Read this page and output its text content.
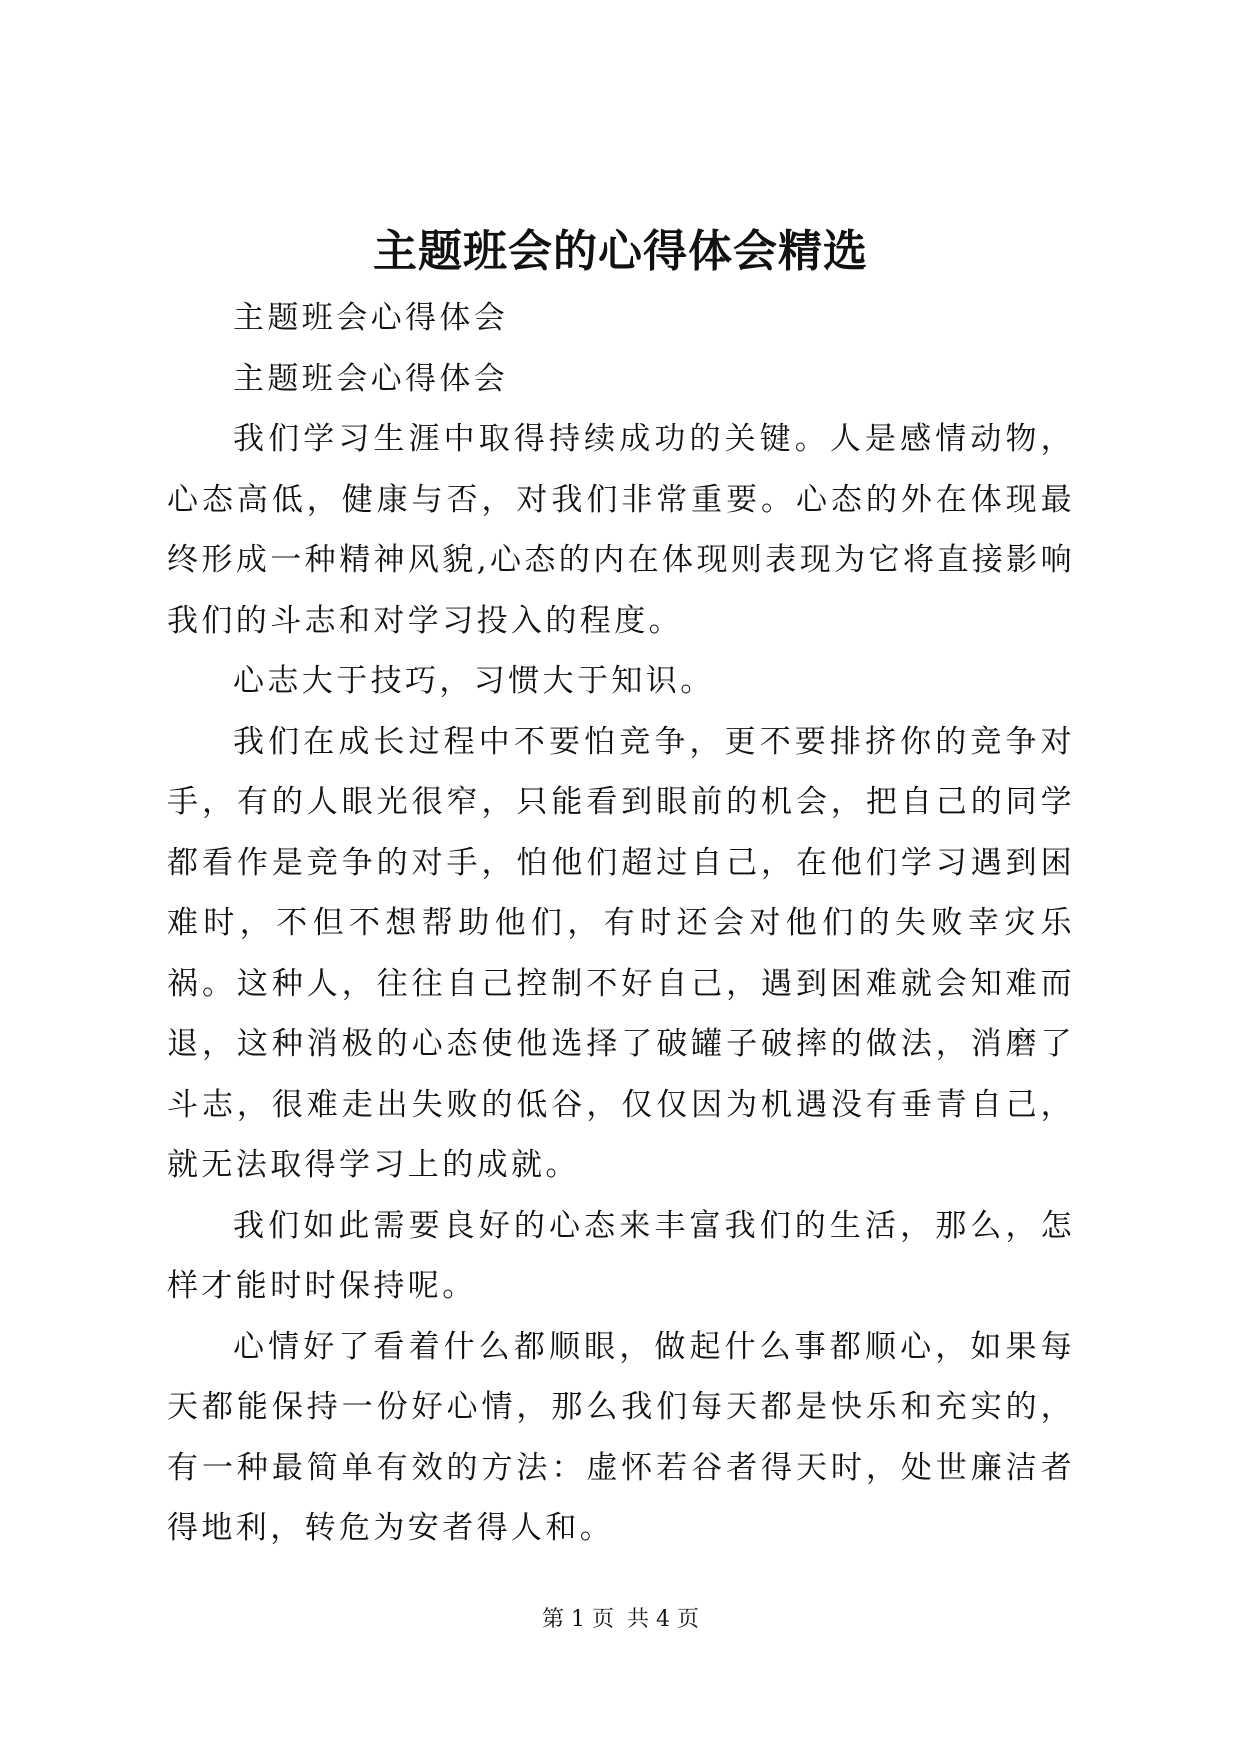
主题班会的心得体会精选

主题班会心得体会

主题班会心得体会

我们学习生涯中取得持续成功的关键。人是感情动物，心态高低，健康与否，对我们非常重要。心态的外在体现最终形成一种精神风貌,心态的内在体现则表现为它将直接影响我们的斗志和对学习投入的程度。

心志大于技巧，习惯大于知识。

我们在成长过程中不要怕竞争，更不要排挤你的竞争对手，有的人眼光很窄，只能看到眼前的机会，把自己的同学都看作是竞争的对手，怕他们超过自己，在他们学习遇到困难时，不但不想帮助他们，有时还会对他们的失败幸灾乐祸。这种人，往往自己控制不好自己，遇到困难就会知难而退，这种消极的心态使他选择了破罐子破摔的做法，消磨了斗志，很难走出失败的低谷，仅仅因为机遇没有垂青自己，就无法取得学习上的成就。

我们如此需要良好的心态来丰富我们的生活，那么，怎样才能时时保持呢。

心情好了看着什么都顺眼，做起什么事都顺心，如果每天都能保持一份好心情，那么我们每天都是快乐和充实的，有一种最简单有效的方法：虚怀若谷者得天时，处世廉洁者得地利，转危为安者得人和。

第 1 页 共 4 页
